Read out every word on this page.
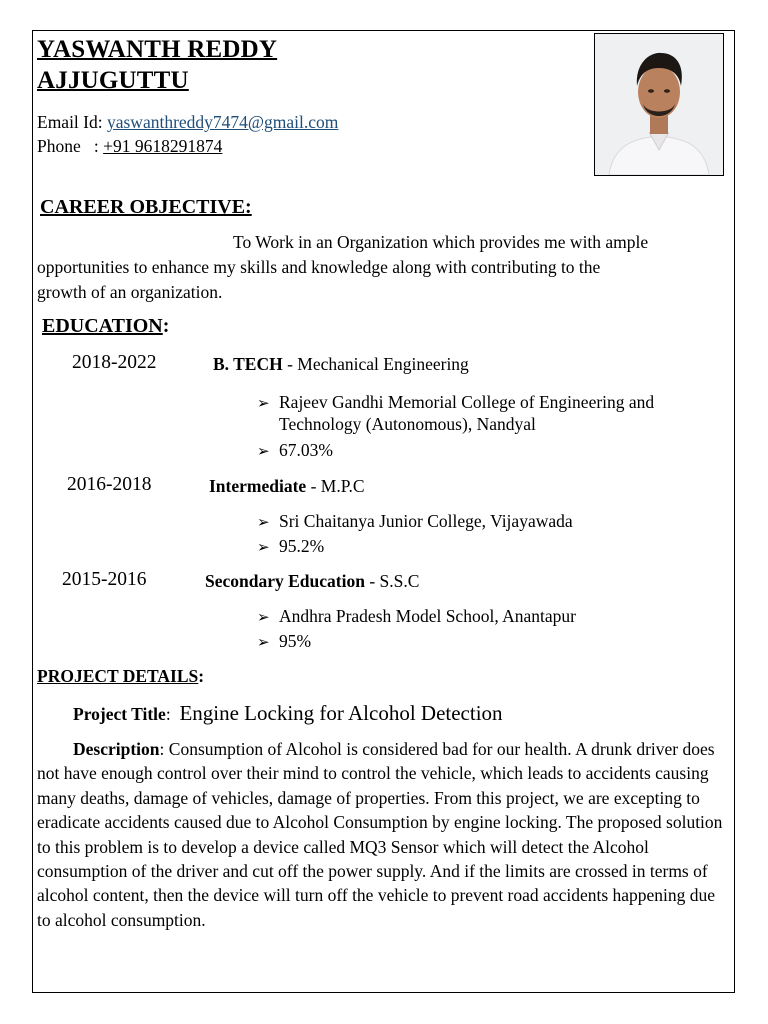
YASWANTH REDDY
AJJUGUTTU
Email Id: yaswanthreddy7474@gmail.com
Phone   : +91 9618291874
CAREER OBJECTIVE:
To Work in an Organization which provides me with ample
opportunities to enhance my skills and knowledge along with contributing to the
growth of an organization.
EDUCATION:
2018-2022	B. TECH - Mechanical Engineering
➢ Rajeev Gandhi Memorial College of Engineering and
Technology (Autonomous), Nandyal
➢ 67.03%
2016-2018	Intermediate - M.P.C
➢ Sri Chaitanya Junior College, Vijayawada
➢ 95.2%
2015-2016	Secondary Education - S.S.C
➢ Andhra Pradesh Model School, Anantapur
➢ 95%
PROJECT DETAILS:
Project Title:  Engine Locking for Alcohol Detection
Description: Consumption of Alcohol is considered bad for our health. A drunk driver does not have enough control over their mind to control the vehicle, which leads to accidents causing many deaths, damage of vehicles, damage of properties. From this project, we are excepting to eradicate accidents caused due to Alcohol Consumption by engine locking. The proposed solution to this problem is to develop a device called MQ3 Sensor which will detect the Alcohol consumption of the driver and cut off the power supply. And if the limits are crossed in terms of alcohol content, then the device will turn off the vehicle to prevent road accidents happening due to alcohol consumption.
